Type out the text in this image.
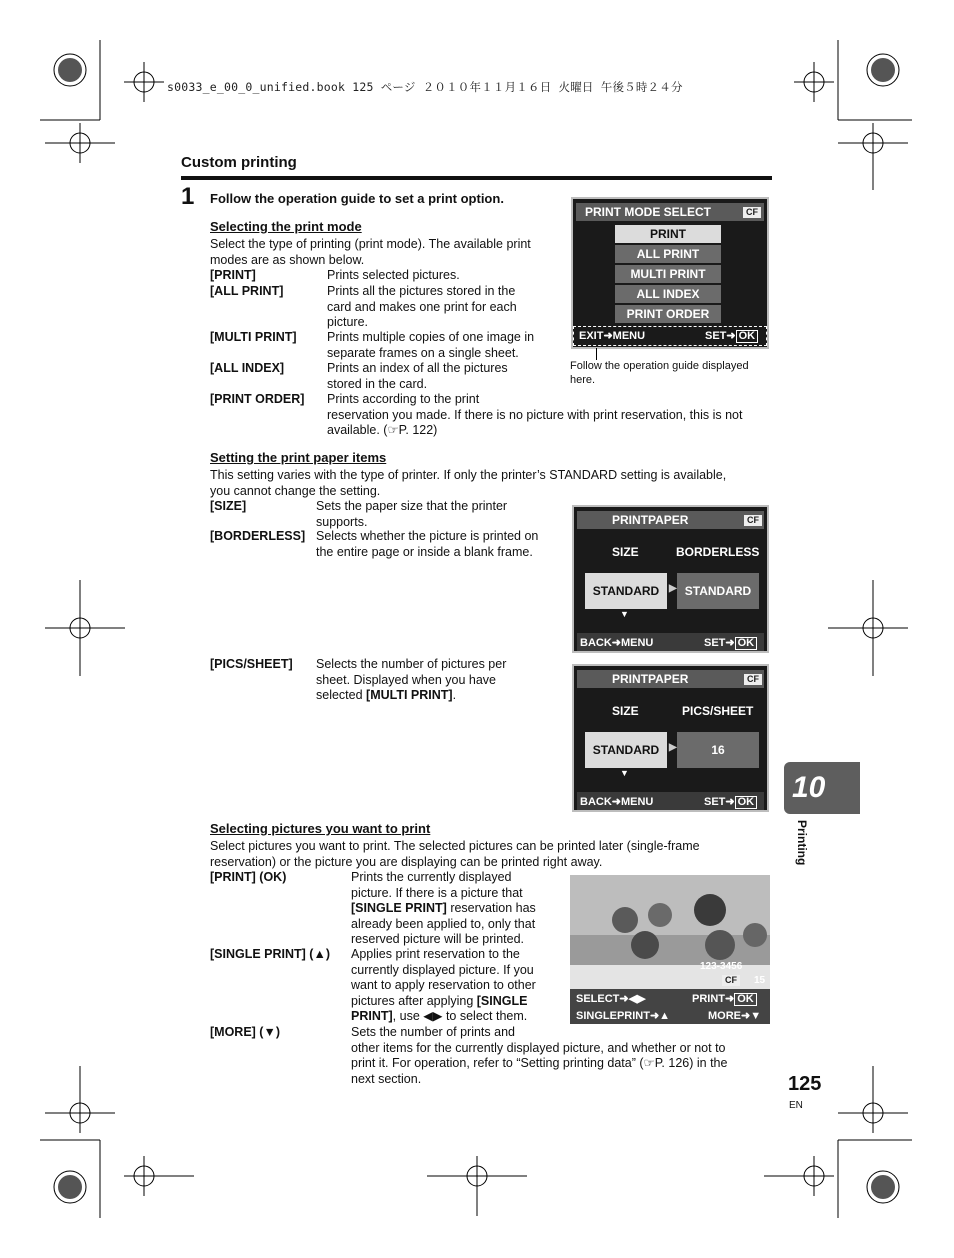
s0033_e_00_0_unified.book 125 ページ ２０１０年１１月１６日 火曜日 午後５時２４分
Custom printing
1 Follow the operation guide to set a print option.
Selecting the print mode
Select the type of printing (print mode). The available print
modes are as shown below.
[PRINT]	Prints selected pictures.
[ALL PRINT]	Prints all the pictures stored in the
card and makes one print for each
picture.
[MULTI PRINT] Prints multiple copies of one image in
separate frames on a single sheet.
[ALL INDEX]	Prints an index of all the pictures
stored in the card.
[PRINT ORDER] Prints according to the print
reservation you made. If there is no picture with print reservation, this is not
available. (☞P. 122)
PRINT MODE SELECT	CF
PRINT
ALL PRINT
MULTI PRINT
ALL INDEX
PRINT ORDER
EXIT➜MENU	SET➜ OK
Follow the operation guide displayed
here.
Setting the print paper items
This setting varies with the type of printer. If only the printer’s STANDARD setting is available,
you cannot change the setting.
[SIZE]	Sets the paper size that the printer
supports.
[BORDERLESS] Selects whether the picture is printed on
the entire page or inside a blank frame.
PRINTPAPER	CF
SIZE	BORDERLESS
STANDARD ▶ STANDARD
▼
BACK➜MENU	SET➜ OK
[PICS/SHEET] Selects the number of pictures per
sheet. Displayed when you have
selected [MULTI PRINT].
PRINTPAPER	CF
SIZE	PICS/SHEET
STANDARD ▶	16
▼
BACK➜MENU	SET➜ OK
Selecting pictures you want to print
Select pictures you want to print. The selected pictures can be printed later (single-frame
reservation) or the picture you are displaying can be printed right away.
[PRINT] (OK)	Prints the currently displayed
picture. If there is a picture that
[SINGLE PRINT] reservation has
already been applied to, only that
reserved picture will be printed.
[SINGLE PRINT] (▲) Applies print reservation to the
currently displayed picture. If you
want to apply reservation to other
pictures after applying [SINGLE
PRINT], use ◀▶ to select them.
[MORE] (▼)	Sets the number of prints and
other items for the currently displayed picture, and whether or not to
print it. For operation, refer to “Setting printing data” (☞P. 126) in the
next section.
123-3456
CF	15
SELECT➜◀▶	PRINT➜ OK
SINGLEPRINT➜▲	MORE➜▼
10
Printing
125
EN
